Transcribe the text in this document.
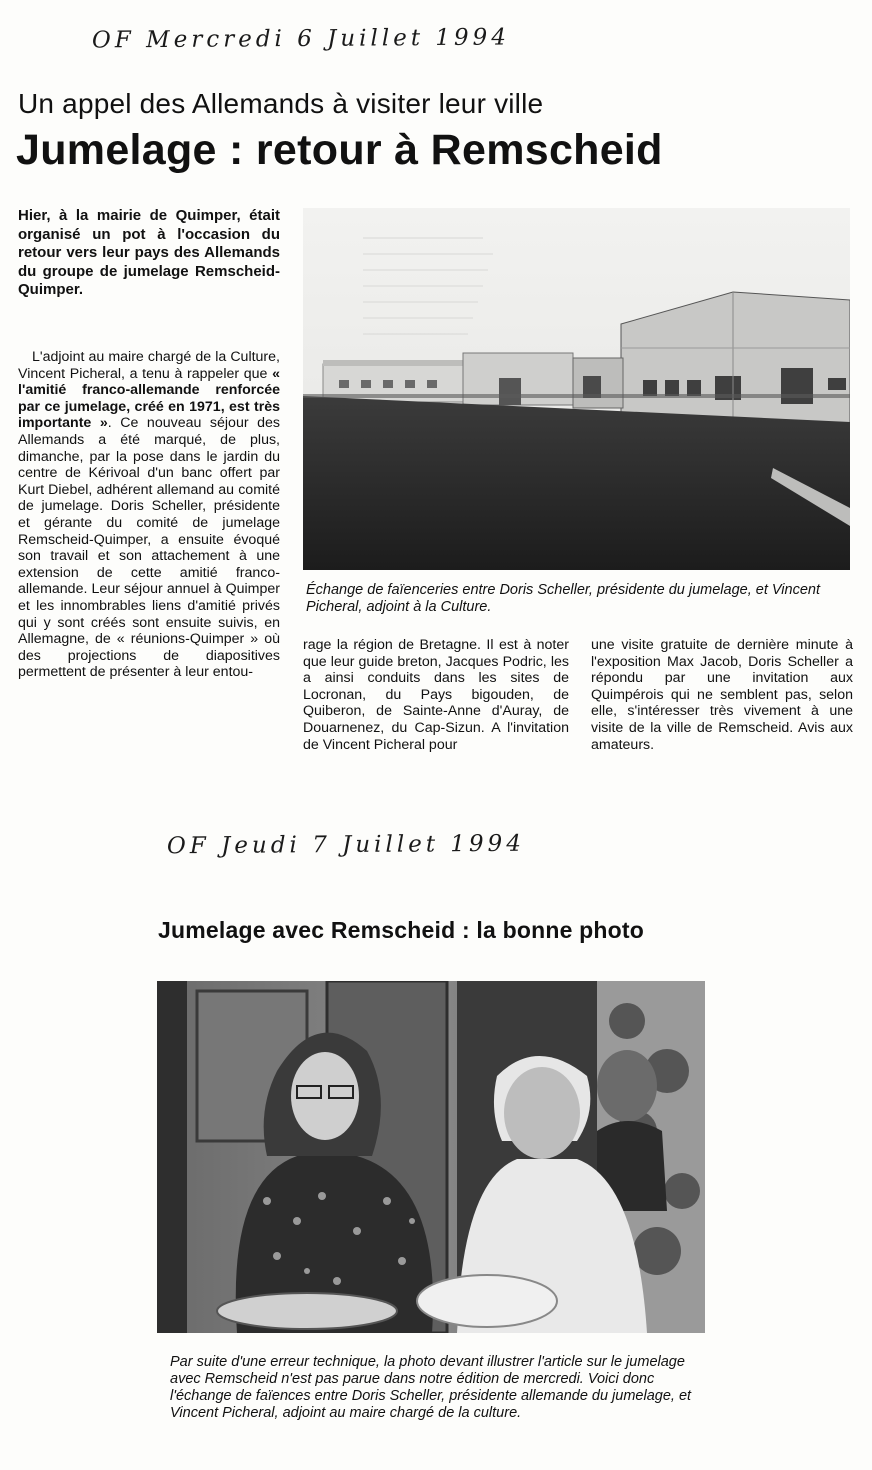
OF Mercredi 6 Juillet 1994
Un appel des Allemands à visiter leur ville
Jumelage : retour à Remscheid

Hier, à la mairie de Quimper, était organisé un pot à l'occasion du retour vers leur pays des Allemands du groupe de jumelage Remscheid-Quimper.

Échange de faïenceries entre Doris Scheller, présidente du jumelage, et Vincent Picheral, adjoint à la Culture.

L'adjoint au maire chargé de la Culture, Vincent Picheral, a tenu à rappeler que « l'amitié franco-allemande renforcée par ce jumelage, créé en 1971, est très importante ». Ce nouveau séjour des Allemands a été marqué, de plus, dimanche, par la pose dans le jardin du centre de Kérivoal d'un banc offert par Kurt Diebel, adhérent allemand au comité de jumelage. Doris Scheller, présidente et gérante du comité de jumelage Remscheid-Quimper, a ensuite évoqué son travail et son attachement à une extension de cette amitié franco-allemande. Leur séjour annuel à Quimper et les innombrables liens d'amitié privés qui y sont créés sont ensuite suivis, en Allemagne, de « réunions-Quimper » où des projections de diapositives permettent de présenter à leur entou-

rage la région de Bretagne. Il est à noter que leur guide breton, Jacques Podric, les a ainsi conduits dans les sites de Locronan, du Pays bigouden, de Quiberon, de Sainte-Anne d'Auray, de Douarnenez, du Cap-Sizun. A l'invitation de Vincent Picheral pour

une visite gratuite de dernière minute à l'exposition Max Jacob, Doris Scheller a répondu par une invitation aux Quimpérois qui ne semblent pas, selon elle, s'intéresser très vivement à une visite de la ville de Remscheid. Avis aux amateurs.

OF Jeudi 7 Juillet 1994
Jumelage avec Remscheid : la bonne photo

Par suite d'une erreur technique, la photo devant illustrer l'article sur le jumelage avec Remscheid n'est pas parue dans notre édition de mercredi. Voici donc l'échange de faïences entre Doris Scheller, présidente allemande du jumelage, et Vincent Picheral, adjoint au maire chargé de la culture.
